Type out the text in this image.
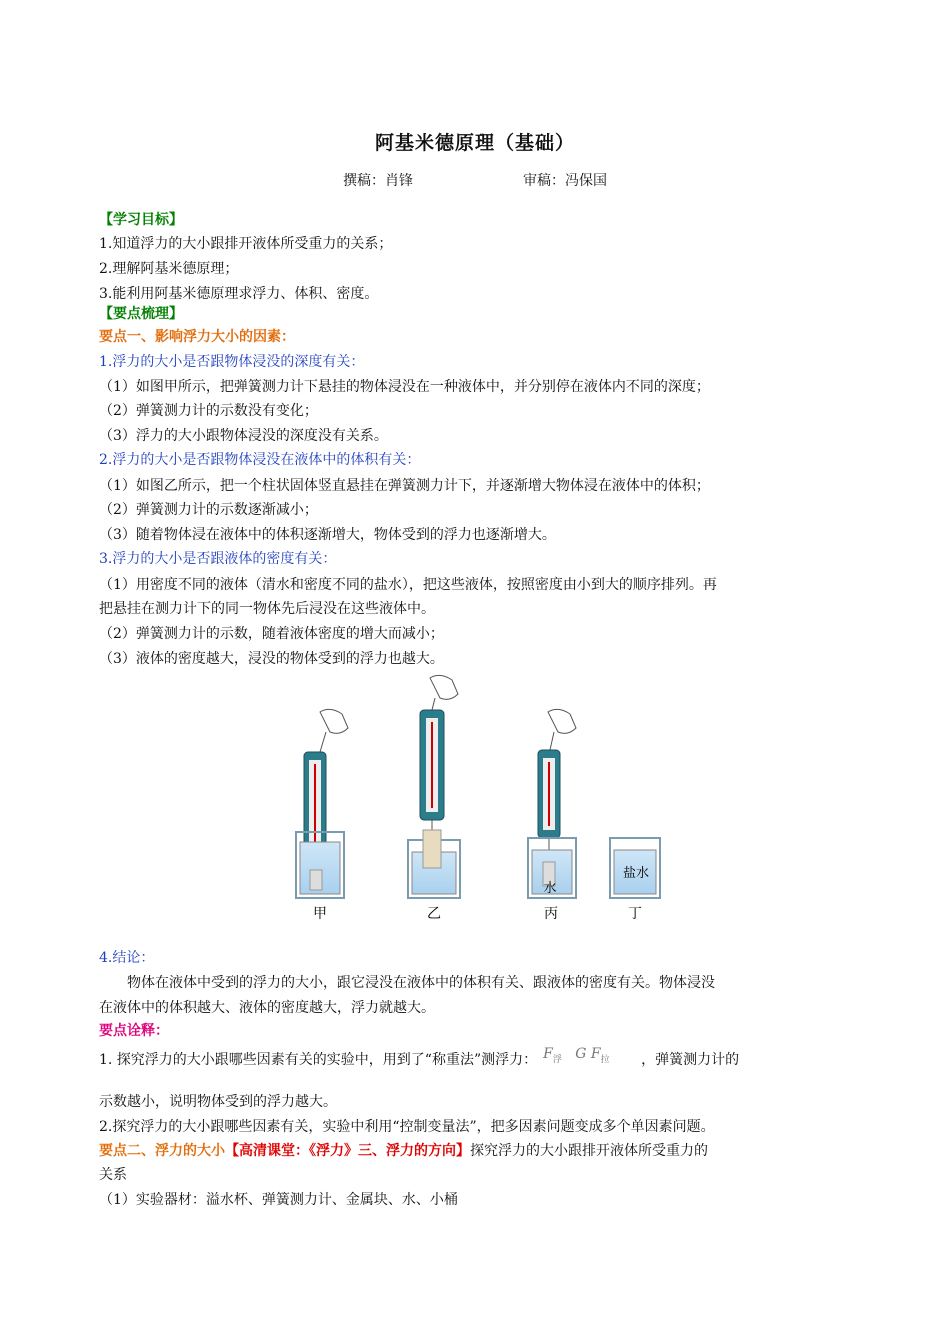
阿基米德原理（基础）
撰稿：肖锋	审稿：冯保国
【学习目标】
1.知道浮力的大小跟排开液体所受重力的关系；
2.理解阿基米德原理；
3.能利用阿基米德原理求浮力、体积、密度。
【要点梳理】
要点一、影响浮力大小的因素：
1.浮力的大小是否跟物体浸没的深度有关：
（1）如图甲所示，把弹簧测力计下悬挂的物体浸没在一种液体中，并分别停在液体内不同的深度；
（2）弹簧测力计的示数没有变化；
（3）浮力的大小跟物体浸没的深度没有关系。
2.浮力的大小是否跟物体浸没在液体中的体积有关：
（1）如图乙所示，把一个柱状固体竖直悬挂在弹簧测力计下，并逐渐增大物体浸在液体中的体积；
（2）弹簧测力计的示数逐渐减小；
（3）随着物体浸在液体中的体积逐渐增大，物体受到的浮力也逐渐增大。
3.浮力的大小是否跟液体的密度有关：
（1）用密度不同的液体（清水和密度不同的盐水），把这些液体，按照密度由小到大的顺序排列。再
把悬挂在测力计下的同一物体先后浸没在这些液体中。
（2）弹簧测力计的示数，随着液体密度的增大而减小；
（3）液体的密度越大，浸没的物体受到的浮力也越大。
水
盐水
甲	乙	丙	丁
4.结论：
物体在液体中受到的浮力的大小，跟它浸没在液体中的体积有关、跟液体的密度有关。物体浸没
在液体中的体积越大、液体的密度越大，浮力就越大。
要点诠释：
1. 探究浮力的大小跟哪些因素有关的实验中，用到了“称重法”测浮力： $F_浮$ G $F_拉$ ，弹簧测力计的
示数越小，说明物体受到的浮力越大。
2.探究浮力的大小跟哪些因素有关，实验中利用“控制变量法”，把多因素问题变成多个单因素问题。
要点二、浮力的大小【高清课堂：《浮力》三、浮力的方向】探究浮力的大小跟排开液体所受重力的
关系
（1）实验器材：溢水杯、弹簧测力计、金属块、水、小桶
